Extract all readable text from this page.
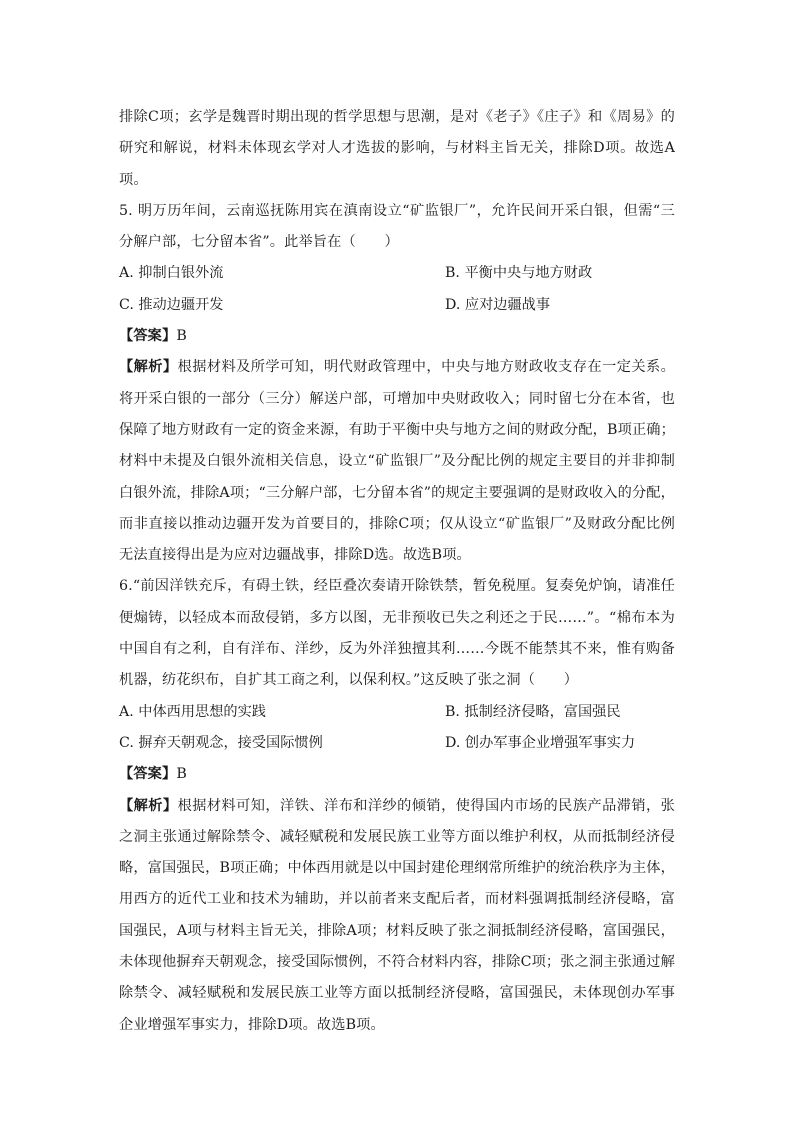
排除C项；玄学是魏晋时期出现的哲学思想与思潮，是对《老子》《庄子》和《周易》的研究和解说，材料未体现玄学对人才选拔的影响，与材料主旨无关，排除D项。故选A项。

5. 明万历年间，云南巡抚陈用宾在滇南设立“矿监银厂”，允许民间开采白银，但需“三分解户部，七分留本省”。此举旨在（　　）

A. 抑制白银外流	B. 平衡中央与地方财政
C. 推动边疆开发	D. 应对边疆战事

【答案】B

【解析】根据材料及所学可知，明代财政管理中，中央与地方财政收支存在一定关系。将开采白银的一部分（三分）解送户部，可增加中央财政收入；同时留七分在本省，也保障了地方财政有一定的资金来源，有助于平衡中央与地方之间的财政分配，B项正确；材料中未提及白银外流相关信息，设立“矿监银厂”及分配比例的规定主要目的并非抑制白银外流，排除A项；“三分解户部，七分留本省”的规定主要强调的是财政收入的分配，而非直接以推动边疆开发为首要目的，排除C项；仅从设立“矿监银厂”及财政分配比例无法直接得出是为应对边疆战事，排除D选。故选B项。

6.“前因洋铁充斥，有碍土铁，经臣叠次奏请开除铁禁，暂免税厘。复奏免炉饷，请准任便煽铸，以轻成本而敌侵销，多方以图，无非预收已失之利还之于民……”。“棉布本为中国自有之利，自有洋布、洋纱，反为外洋独擅其利……今既不能禁其不来，惟有购备机器，纺花织布，自扩其工商之利，以保利权。”这反映了张之洞（　　）

A. 中体西用思想的实践	B. 抵制经济侵略，富国强民
C. 摒弃天朝观念，接受国际惯例	D. 创办军事企业增强军事实力

【答案】B

【解析】根据材料可知，洋铁、洋布和洋纱的倾销，使得国内市场的民族产品滞销，张之洞主张通过解除禁令、减轻赋税和发展民族工业等方面以维护利权，从而抵制经济侵略，富国强民，B项正确；中体西用就是以中国封建伦理纲常所维护的统治秩序为主体，用西方的近代工业和技术为辅助，并以前者来支配后者，而材料强调抵制经济侵略，富国强民，A项与材料主旨无关，排除A项；材料反映了张之洞抵制经济侵略，富国强民，未体现他摒弃天朝观念，接受国际惯例，不符合材料内容，排除C项；张之洞主张通过解除禁令、减轻赋税和发展民族工业等方面以抵制经济侵略，富国强民，未体现创办军事企业增强军事实力，排除D项。故选B项。
